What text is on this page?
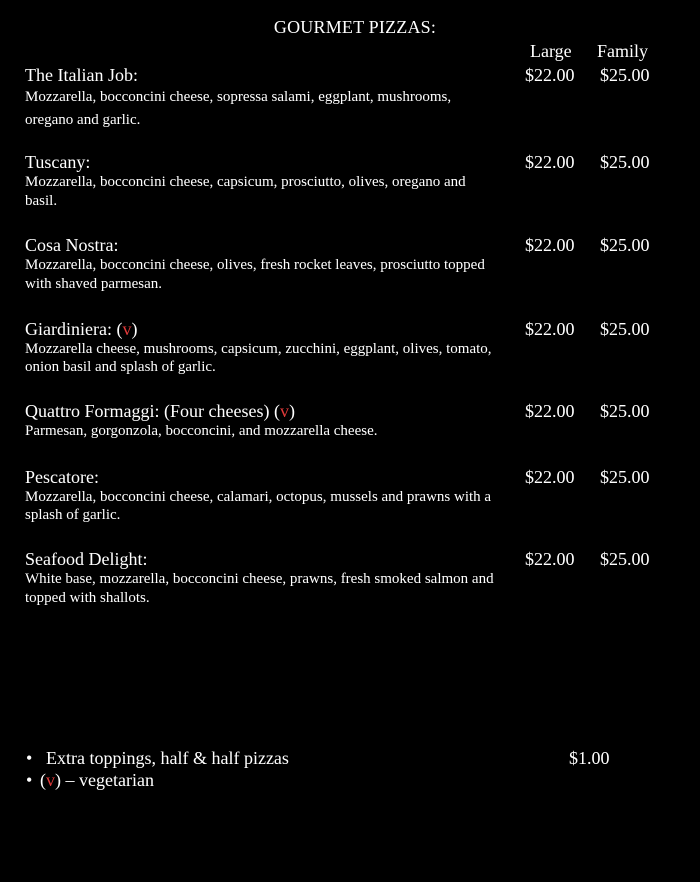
GOURMET PIZZAS:
Large Family
The Italian Job:
Mozzarella, bocconcini cheese, sopressa salami, eggplant, mushrooms, oregano and garlic.
$22.00 $25.00
Tuscany:
Mozzarella, bocconcini cheese, capsicum, prosciutto, olives, oregano and basil.
$22.00 $25.00
Cosa Nostra:
Mozzarella, bocconcini cheese, olives, fresh rocket leaves, prosciutto topped with shaved parmesan.
$22.00 $25.00
Giardiniera: (v)
Mozzarella cheese, mushrooms, capsicum, zucchini, eggplant, olives, tomato, onion basil and splash of garlic.
$22.00 $25.00
Quattro Formaggi: (Four cheeses) (v)
Parmesan, gorgonzola, bocconcini, and mozzarella cheese.
$22.00 $25.00
Pescatore:
Mozzarella, bocconcini cheese, calamari, octopus, mussels and prawns with a splash of garlic.
$22.00 $25.00
Seafood Delight:
White base, mozzarella, bocconcini cheese, prawns, fresh smoked salmon and topped with shallots.
$22.00 $25.00
• Extra toppings, half & half pizzas	$1.00
• (v) – vegetarian
